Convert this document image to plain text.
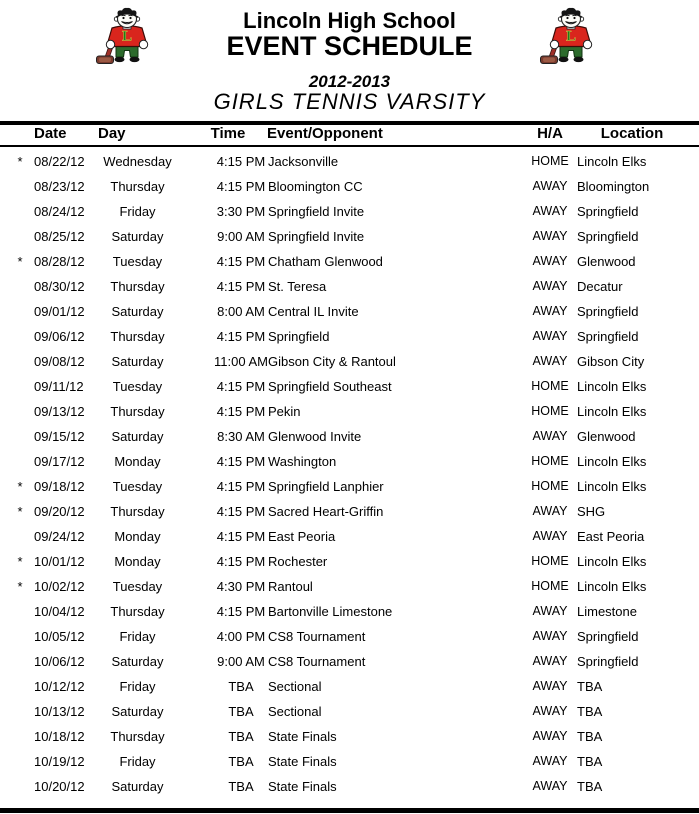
Lincoln High School
EVENT SCHEDULE
2012-2013
GIRLS TENNIS VARSITY
Date Day	Time	Event/Opponent	H/A	Location
* 08/22/12	Wednesday	4:15 PM Jacksonville	HOME Lincoln Elks
08/23/12	Thursday	4:15 PM Bloomington CC	AWAY Bloomington
08/24/12	Friday	3:30 PM Springfield Invite	AWAY Springfield
08/25/12	Saturday	9:00 AM Springfield Invite	AWAY Springfield
* 08/28/12	Tuesday	4:15 PM Chatham Glenwood	AWAY Glenwood
08/30/12	Thursday	4:15 PM St. Teresa	AWAY Decatur
09/01/12	Saturday	8:00 AM Central IL Invite	AWAY Springfield
09/06/12	Thursday	4:15 PM Springfield	AWAY Springfield
09/08/12	Saturday	11:00 AM Gibson City & Rantoul	AWAY Gibson City
09/11/12	Tuesday	4:15 PM Springfield Southeast	HOME Lincoln Elks
09/13/12	Thursday	4:15 PM Pekin	HOME Lincoln Elks
09/15/12	Saturday	8:30 AM Glenwood Invite	AWAY Glenwood
09/17/12	Monday	4:15 PM Washington	HOME Lincoln Elks
* 09/18/12	Tuesday	4:15 PM Springfield Lanphier	HOME Lincoln Elks
* 09/20/12	Thursday	4:15 PM Sacred Heart-Griffin	AWAY SHG
09/24/12	Monday	4:15 PM East Peoria	AWAY East Peoria
* 10/01/12	Monday	4:15 PM Rochester	HOME Lincoln Elks
* 10/02/12	Tuesday	4:30 PM Rantoul	HOME Lincoln Elks
10/04/12	Thursday	4:15 PM Bartonville Limestone	AWAY Limestone
10/05/12	Friday	4:00 PM CS8 Tournament	AWAY Springfield
10/06/12	Saturday	9:00 AM CS8 Tournament	AWAY Springfield
10/12/12	Friday	TBA	Sectional	AWAY TBA
10/13/12	Saturday	TBA	Sectional	AWAY TBA
10/18/12	Thursday	TBA	State Finals	AWAY TBA
10/19/12	Friday	TBA	State Finals	AWAY TBA
10/20/12	Saturday	TBA	State Finals	AWAY TBA
